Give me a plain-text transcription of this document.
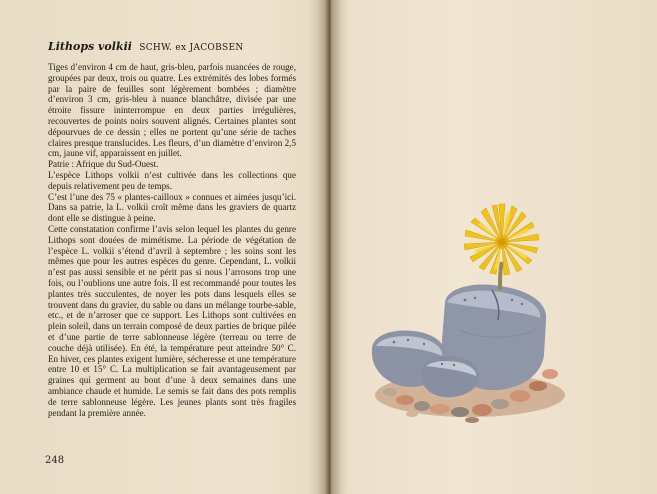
Lithops volkii SCHW. ex JACOBSEN

Tiges d’environ 4 cm de haut, gris-bleu, parfois nuancées de rouge, groupées par deux, trois ou quatre. Les extrémités des lobes formés par la paire de feuilles sont légèrement bombées ; diamètre d’environ 3 cm, gris-bleu à nuance blanchâtre, divisée par une étroite fissure ininterrompue en deux parties irrégulières, recouvertes de points noirs souvent alignés. Certaines plantes sont dépourvues de ce dessin ; elles ne portent qu’une série de taches claires presque translucides. Les fleurs, d’un diamètre d’environ 2,5 cm, jaune vif, apparaissent en juillet.

Patrie : Afrique du Sud-Ouest.

L’espèce Lithops volkii n’est cultivée dans les collections que depuis relativement peu de temps.

C’est l’une des 75 « plantes-cailloux » connues et aimées jusqu’ici. Dans sa patrie, la L. volkii croît même dans les graviers de quartz dont elle se distingue à peine.

Cette constatation confirme l’avis selon lequel les plantes du genre Lithops sont douées de mimétisme. La période de végétation de l’espèce L. volkii s’étend d’avril à septembre ; les soins sont les mêmes que pour les autres espèces du genre. Cependant, L. volkii n’est pas aussi sensible et ne périt pas si nous l’arrosons trop une fois, ou l’oublions une autre fois. Il est recommandé pour toutes les plantes très succulentes, de noyer les pots dans lesquels elles se trouvent dans du gravier, du sable ou dans un mélange tourbe-sable, etc., et de n’arroser que ce support. Les Lithops sont cultivées en plein soleil, dans un terrain composé de deux parties de brique pilée et d’une partie de terre sablonneuse légère (terreau ou terre de couche déjà utilisée). En été, la température peut atteindre 50° C. En hiver, ces plantes exigent lumière, sécheresse et une température entre 10 et 15° C. La multiplication se fait avantageusement par graines qui germent au bout d’une à deux semaines dans une ambiance chaude et humide. Le semis se fait dans des pots remplis de terre sablonneuse légère. Les jeunes plants sont très fragiles pendant la première année.

248
